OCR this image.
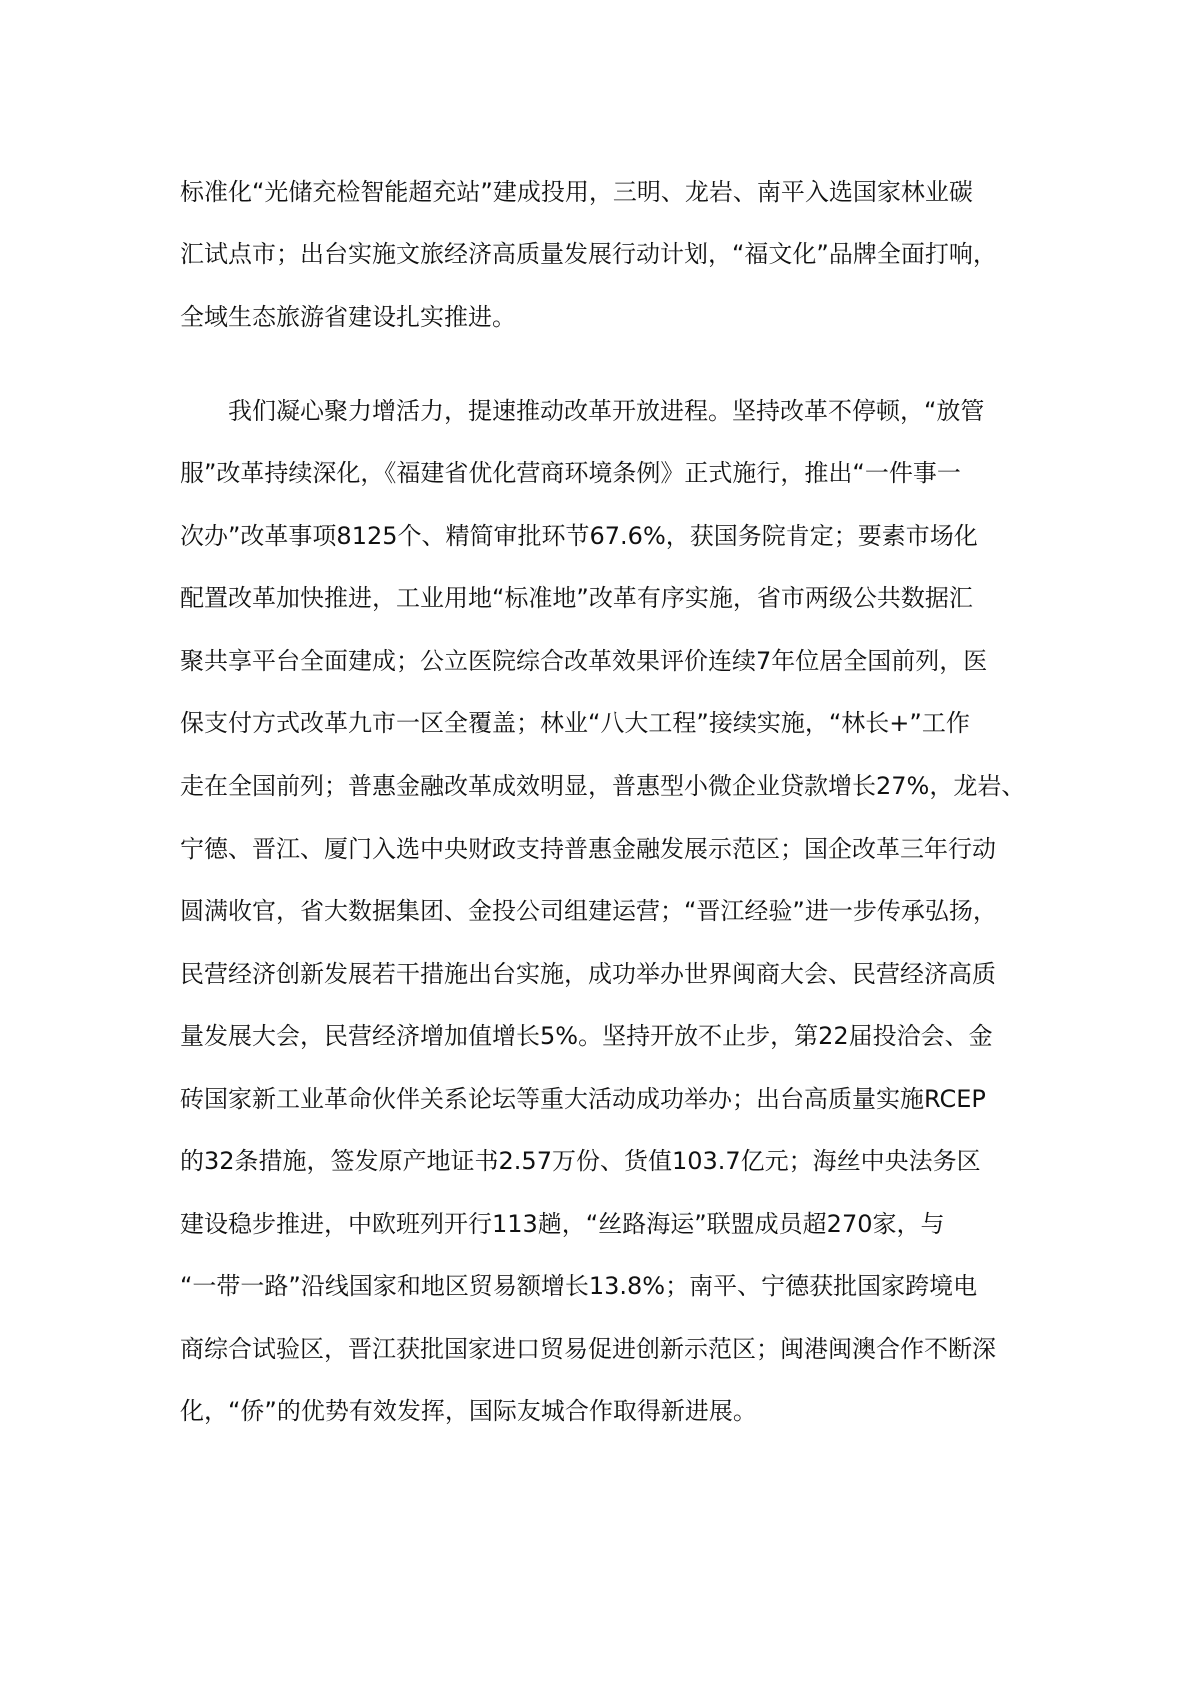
标准化“光储充检智能超充站”建成投用，三明、龙岩、南平入选国家林业碳
汇试点市；出台实施文旅经济高质量发展行动计划，“福文化”品牌全面打响，
全域生态旅游省建设扎实推进。
我们凝心聚力增活力，提速推动改革开放进程。坚持改革不停顿，“放管
服”改革持续深化，《福建省优化营商环境条例》正式施行，推出“一件事一
次办”改革事项8125个、精简审批环节67.6%，获国务院肯定；要素市场化
配置改革加快推进，工业用地“标准地”改革有序实施，省市两级公共数据汇
聚共享平台全面建成；公立医院综合改革效果评价连续7年位居全国前列，医
保支付方式改革九市一区全覆盖；林业“八大工程”接续实施，“林长+”工作
走在全国前列；普惠金融改革成效明显，普惠型小微企业贷款增长27%，龙岩、
宁德、晋江、厦门入选中央财政支持普惠金融发展示范区；国企改革三年行动
圆满收官，省大数据集团、金投公司组建运营；“晋江经验”进一步传承弘扬，
民营经济创新发展若干措施出台实施，成功举办世界闽商大会、民营经济高质
量发展大会，民营经济增加值增长5%。坚持开放不止步，第22届投洽会、金
砖国家新工业革命伙伴关系论坛等重大活动成功举办；出台高质量实施RCEP
的32条措施，签发原产地证书2.57万份、货值103.7亿元；海丝中央法务区
建设稳步推进，中欧班列开行113趟，“丝路海运”联盟成员超270家，与
“一带一路”沿线国家和地区贸易额增长13.8%；南平、宁德获批国家跨境电
商综合试验区，晋江获批国家进口贸易促进创新示范区；闽港闽澳合作不断深
化，“侨”的优势有效发挥，国际友城合作取得新进展。
